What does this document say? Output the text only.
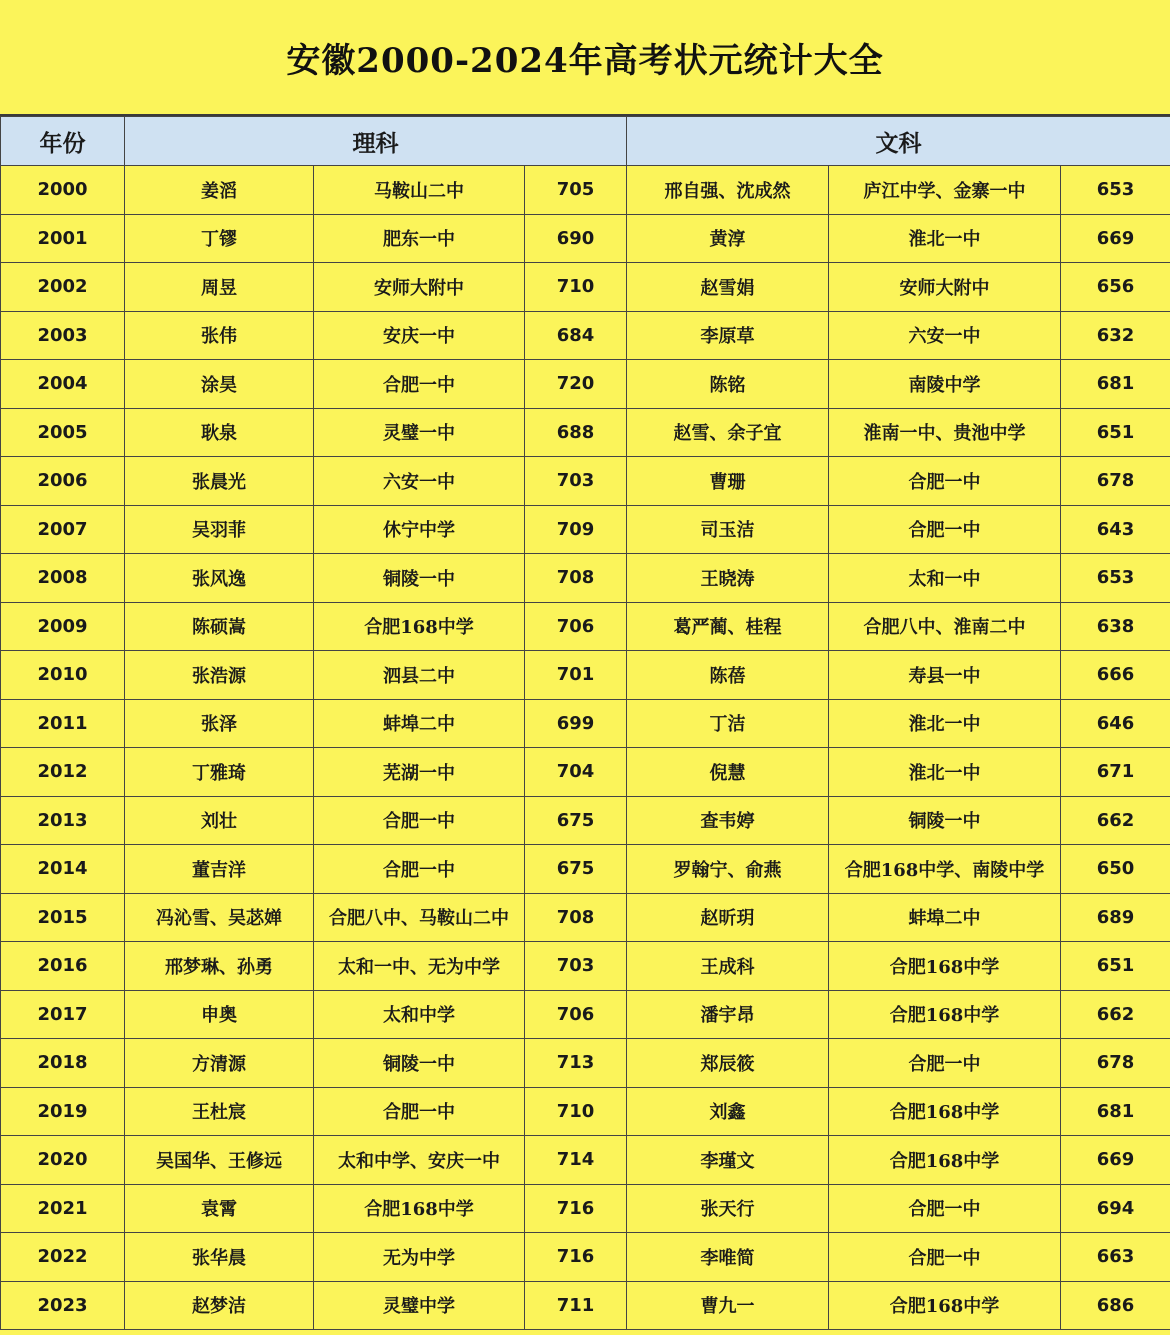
安徽2000-2024年高考状元统计大全
年份	理科			文科		
2000	姜滔	马鞍山二中	705	邢自强、沈成然	庐江中学、金寨一中	653
2001	丁镠	肥东一中	690	黄淳	淮北一中	669
2002	周昱	安师大附中	710	赵雪娟	安师大附中	656
2003	张伟	安庆一中	684	李原草	六安一中	632
2004	涂昊	合肥一中	720	陈铭	南陵中学	681
2005	耿泉	灵璧一中	688	赵雪、余子宜	淮南一中、贵池中学	651
2006	张晨光	六安一中	703	曹珊	合肥一中	678
2007	吴羽菲	休宁中学	709	司玉洁	合肥一中	643
2008	张风逸	铜陵一中	708	王晓涛	太和一中	653
2009	陈硕嵩	合肥168中学	706	葛严蔺、桂程	合肥八中、淮南二中	638
2010	张浩源	泗县二中	701	陈蓓	寿县一中	666
2011	张泽	蚌埠二中	699	丁洁	淮北一中	646
2012	丁雅琦	芜湖一中	704	倪慧	淮北一中	671
2013	刘壮	合肥一中	675	查韦婷	铜陵一中	662
2014	董吉洋	合肥一中	675	罗翰宁、俞燕	合肥168中学、南陵中学	650
2015	冯沁雪、吴苾婵	合肥八中、马鞍山二中	708	赵昕玥	蚌埠二中	689
2016	邢梦琳、孙勇	太和一中、无为中学	703	王成科	合肥168中学	651
2017	申奥	太和中学	706	潘宇昂	合肥168中学	662
2018	方清源	铜陵一中	713	郑辰筱	合肥一中	678
2019	王杜宸	合肥一中	710	刘鑫	合肥168中学	681
2020	吴国华、王修远	太和中学、安庆一中	714	李瑾文	合肥168中学	669
2021	袁霄	合肥168中学	716	张天行	合肥一中	694
2022	张华晨	无为中学	716	李唯简	合肥一中	663
2023	赵梦洁	灵璧中学	711	曹九一	合肥168中学	686
